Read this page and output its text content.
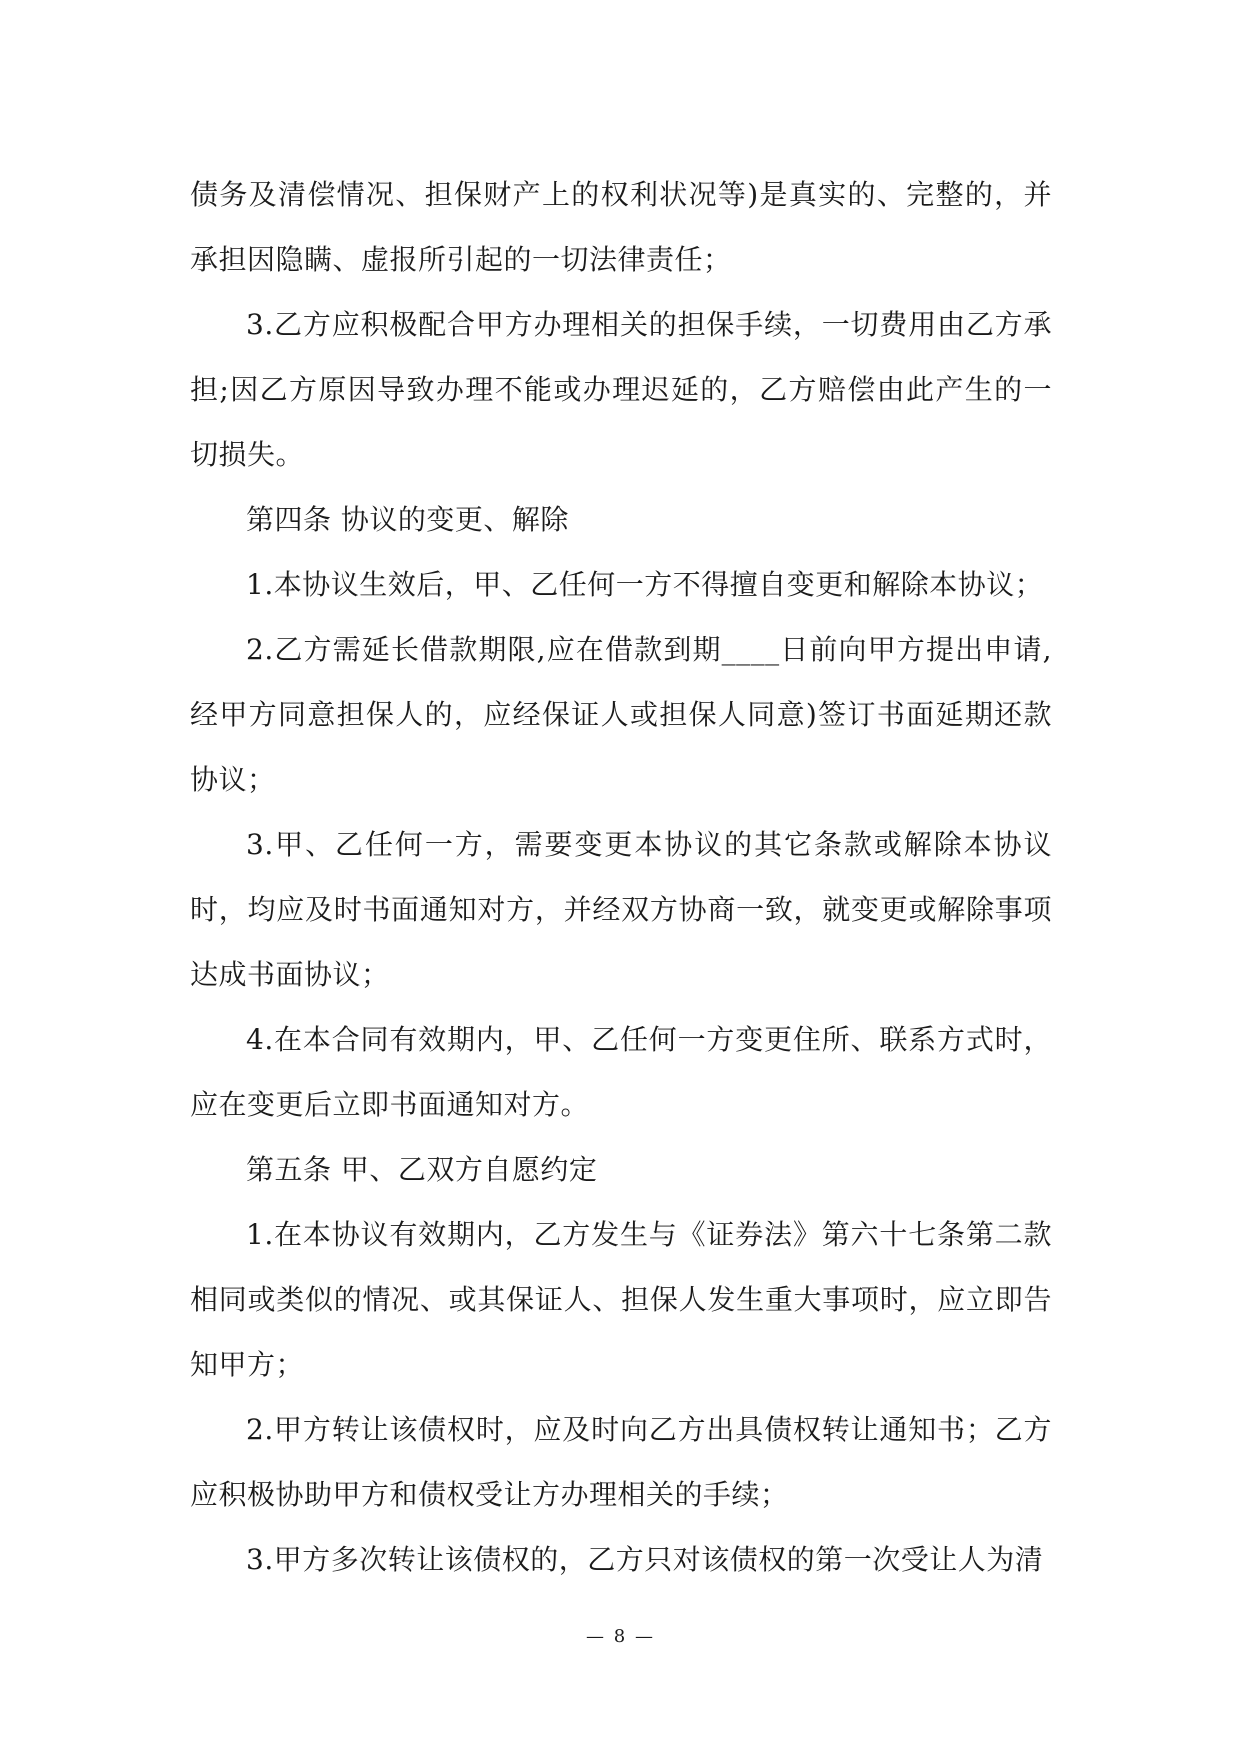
债务及清偿情况、担保财产上的权利状况等)是真实的、完整的，并承担因隐瞒、虚报所引起的一切法律责任；

3.乙方应积极配合甲方办理相关的担保手续，一切费用由乙方承担;因乙方原因导致办理不能或办理迟延的，乙方赔偿由此产生的一切损失。

第四条 协议的变更、解除

1.本协议生效后，甲、乙任何一方不得擅自变更和解除本协议；

2.乙方需延长借款期限,应在借款到期____日前向甲方提出申请,经甲方同意担保人的，应经保证人或担保人同意)签订书面延期还款协议；

3.甲、乙任何一方，需要变更本协议的其它条款或解除本协议时，均应及时书面通知对方，并经双方协商一致，就变更或解除事项达成书面协议；

4.在本合同有效期内，甲、乙任何一方变更住所、联系方式时，应在变更后立即书面通知对方。

第五条 甲、乙双方自愿约定

1.在本协议有效期内，乙方发生与《证券法》第六十七条第二款相同或类似的情况、或其保证人、担保人发生重大事项时，应立即告知甲方；

2.甲方转让该债权时，应及时向乙方出具债权转让通知书；乙方应积极协助甲方和债权受让方办理相关的手续；

3.甲方多次转让该债权的，乙方只对该债权的第一次受让人为清

— 8 —
